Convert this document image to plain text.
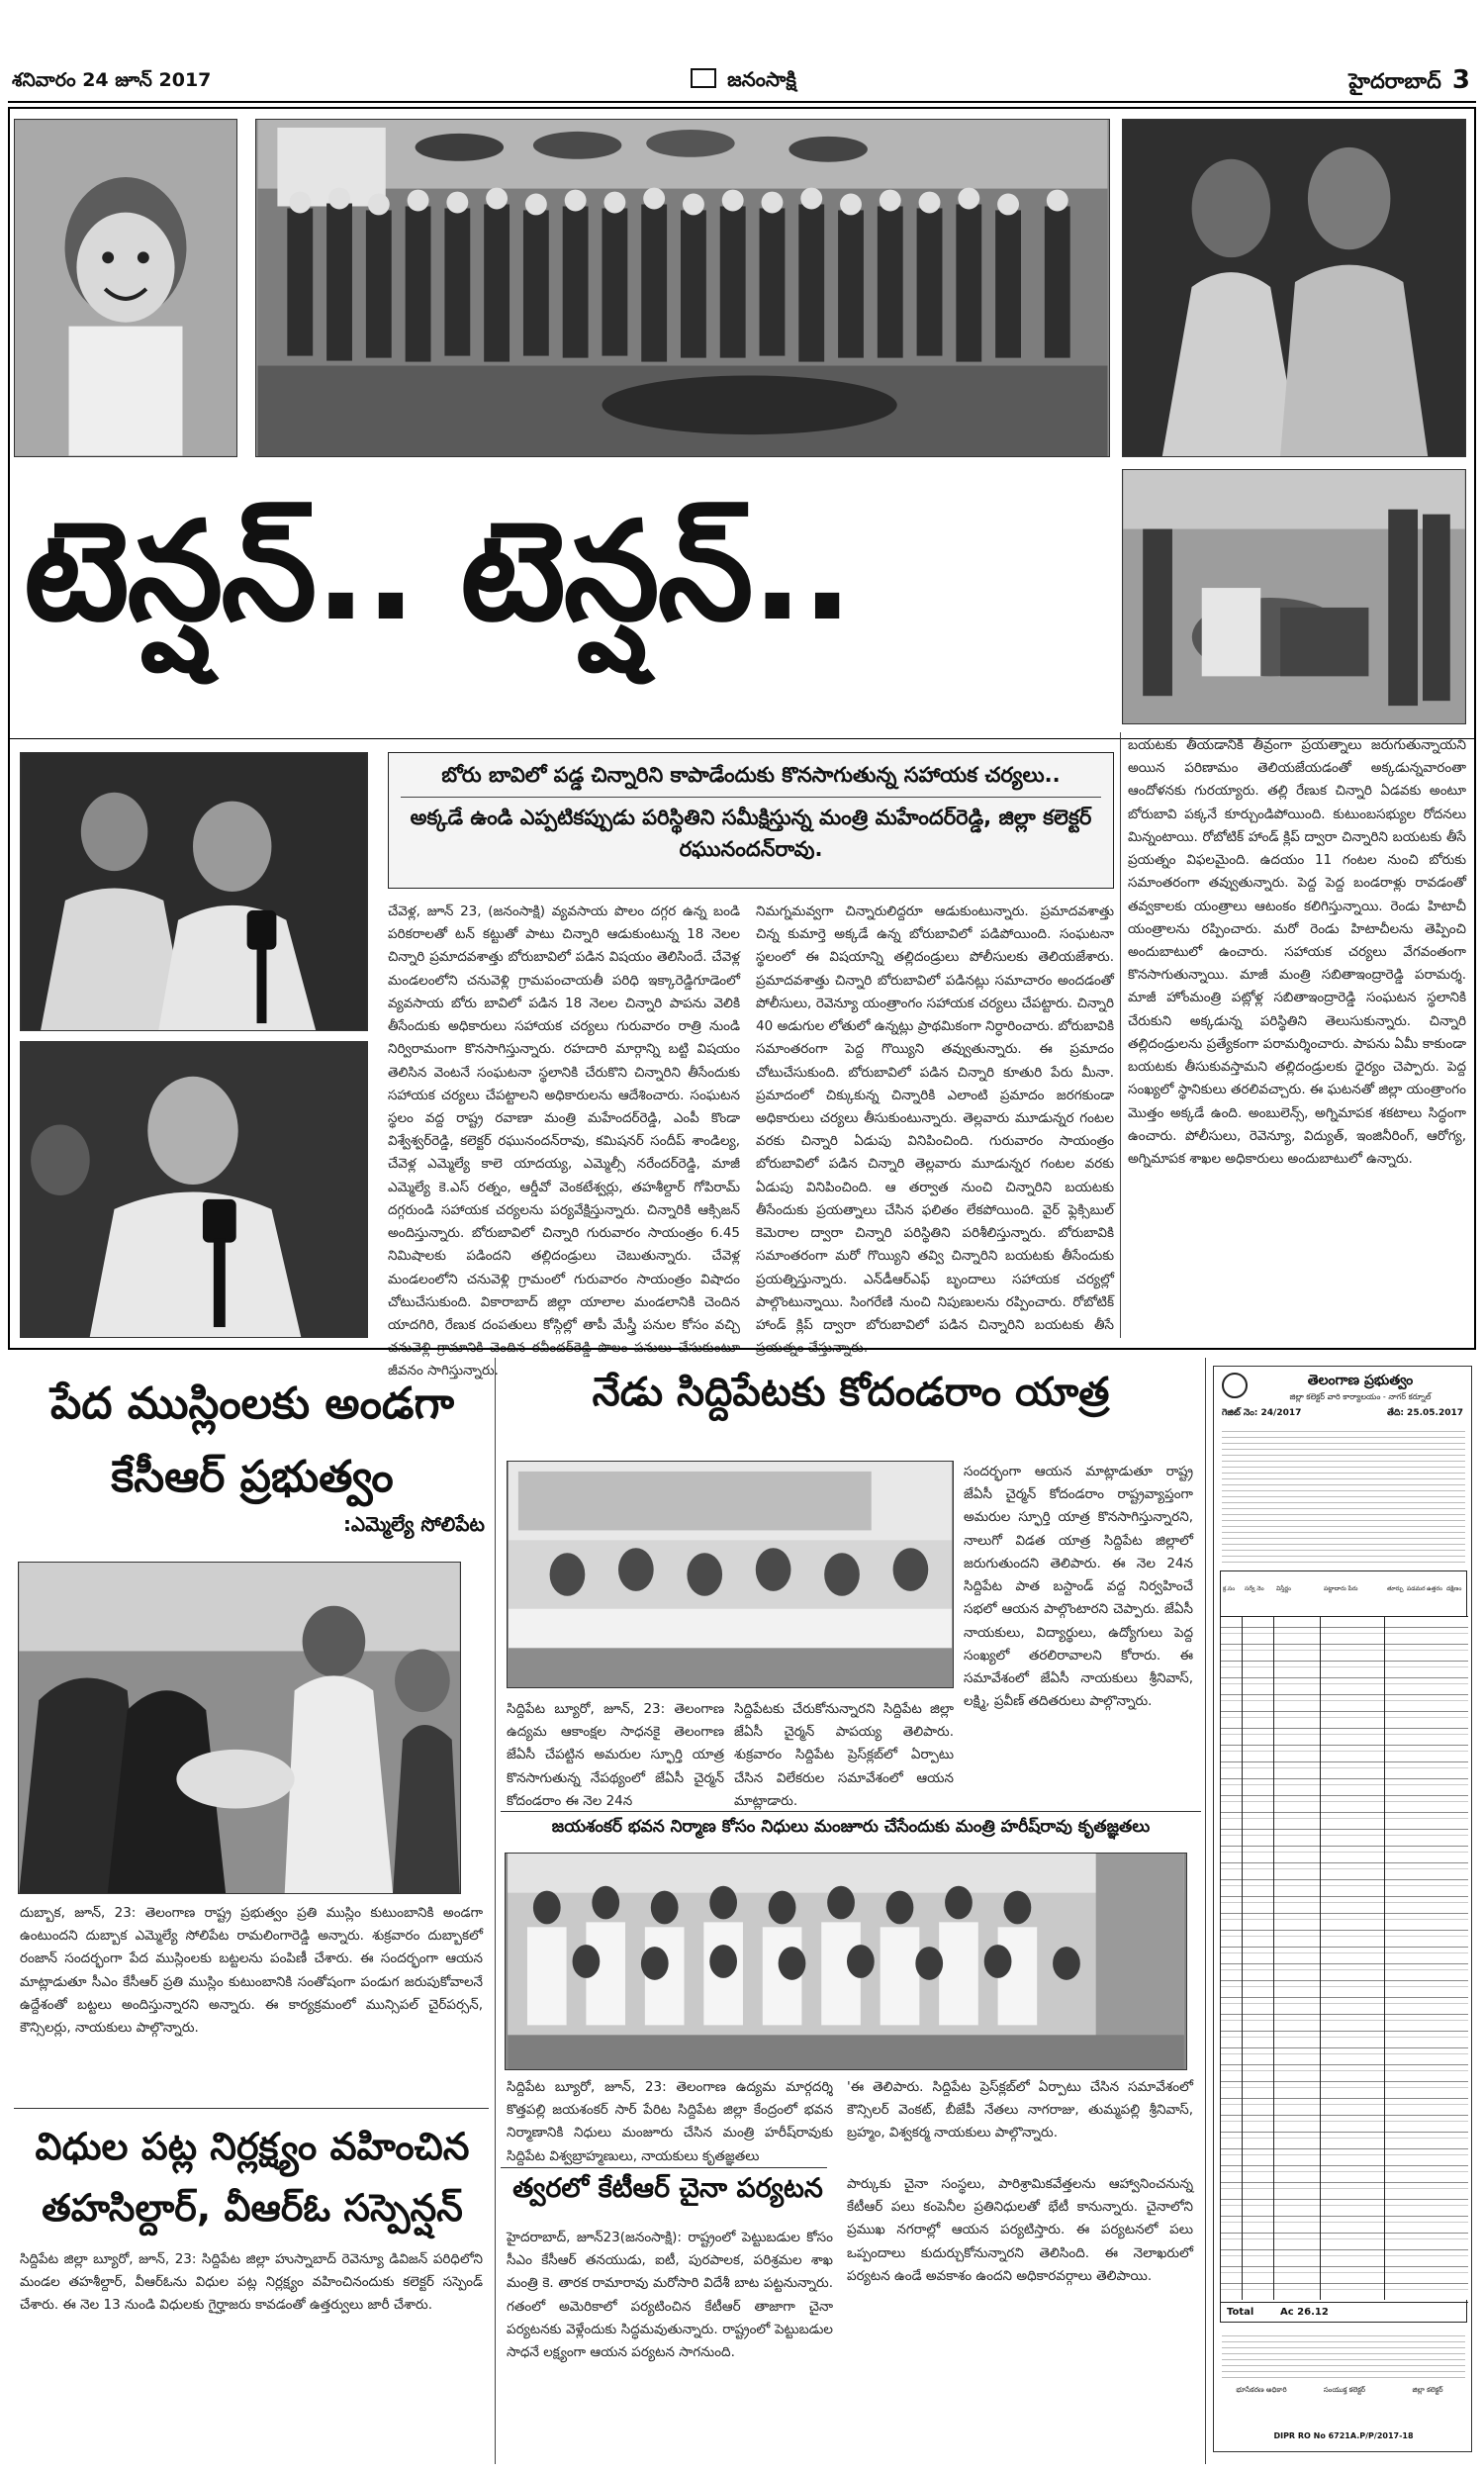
శనివారం 24 జూన్ 2017	జనంసాక్షి	హైదరాబాద్ 3
టెన్షన్.. టెన్షన్..
బోరు బావిలో పడ్డ చిన్నారిని కాపాడేందుకు కొనసాగుతున్న సహాయక చర్యలు..
అక్కడే ఉండి ఎప్పటికప్పుడు పరిస్థితిని సమీక్షిస్తున్న మంత్రి మహేందర్‌రెడ్డి, జిల్లా కలెక్టర్ రఘునందన్‌రావు.
చేవెళ్ల, జూన్ 23, (జనంసాక్షి) వ్యవసాయ పొలం దగ్గర ఉన్న బండి పరికరాలతో టన్ కట్టుతో పాటు చిన్నారి ఆడుకుంటున్న 18 నెలల చిన్నారి ప్రమాదవశాత్తు బోరుబావిలో పడిన విషయం తెలిసిందే. చేవెళ్ల మండలంలోని చనువెళ్లి గ్రామపంచాయతీ పరిధి ఇక్కారెడ్డిగూడెంలో వ్యవసాయ బోరు బావిలో పడిన 18 నెలల చిన్నారి పాపను వెలికి తీసేందుకు అధికారులు సహాయక చర్యలు గురువారం రాత్రి నుండి నిర్విరామంగా కొనసాగిస్తున్నారు. రహదారి మార్గాన్ని బట్టి విషయం తెలిసిన వెంటనే సంఘటనా స్థలానికి చేరుకొని చిన్నారిని తీసేందుకు సహాయక చర్యలు చేపట్టాలని అధికారులను ఆదేశించారు. సంఘటన స్థలం వద్ద రాష్ట్ర రవాణా మంత్రి మహేందర్‌రెడ్డి, ఎంపీ కొండా విశ్వేశ్వర్‌రెడ్డి, కలెక్టర్ రఘునందన్‌రావు, కమిషనర్ సందీప్ శాండిల్య, చేవెళ్ల ఎమ్మెల్యే కాలె యాదయ్య, ఎమ్మెల్సీ నరేందర్‌రెడ్డి, మాజీ ఎమ్మెల్యే కె.ఎస్ రత్నం, ఆర్డీవో వెంకటేశ్వర్లు, తహశీల్దార్ గోపిరామ్ దగ్గరుండి సహాయక చర్యలను పర్యవేక్షిస్తున్నారు. చిన్నారికి ఆక్సిజన్ అందిస్తున్నారు. బోరుబావిలో చిన్నారి గురువారం సాయంత్రం 6.45 నిమిషాలకు పడిందని తల్లిదండ్రులు చెబుతున్నారు. చేవెళ్ల మండలంలోని చనువెళ్లి గ్రామంలో గురువారం సాయంత్రం విషాదం చోటుచేసుకుంది. వికారాబాద్ జిల్లా యాలాల మండలానికి చెందిన యాదగిరి, రేణుక దంపతులు కోస్గిల్లో తాపీ మేస్త్రీ పనుల కోసం వచ్చి చనువెళ్లి గ్రామానికి చెందిన రవీందర్‌రెడ్డి పొలం పనులు చేసుకుంటూ జీవనం సాగిస్తున్నారు.
నిమగ్నమవ్వగా చిన్నారులిద్దరూ ఆడుకుంటున్నారు. ప్రమాదవశాత్తు చిన్న కుమార్తె అక్కడే ఉన్న బోరుబావిలో పడిపోయింది. సంఘటనా స్థలంలో ఈ విషయాన్ని తల్లిదండ్రులు పోలీసులకు తెలియజేశారు. ప్రమాదవశాత్తు చిన్నారి బోరుబావిలో పడినట్లు సమాచారం అందడంతో పోలీసులు, రెవెన్యూ యంత్రాంగం సహాయక చర్యలు చేపట్టారు. చిన్నారి 40 అడుగుల లోతులో ఉన్నట్లు ప్రాథమికంగా నిర్ధారించారు. బోరుబావికి సమాంతరంగా పెద్ద గొయ్యిని తవ్వుతున్నారు. ఈ ప్రమాదం చోటుచేసుకుంది. బోరుబావిలో పడిన చిన్నారి కూతురి పేరు మీనా. ప్రమాదంలో చిక్కుకున్న చిన్నారికి ఎలాంటి ప్రమాదం జరగకుండా అధికారులు చర్యలు తీసుకుంటున్నారు. తెల్లవారు మూడున్నర గంటల వరకు చిన్నారి ఏడుపు వినిపించింది. గురువారం సాయంత్రం బోరుబావిలో పడిన చిన్నారి తెల్లవారు మూడున్నర గంటల వరకు ఏడుపు వినిపించింది. ఆ తర్వాత నుంచి చిన్నారిని బయటకు తీసేందుకు ప్రయత్నాలు చేసిన ఫలితం లేకపోయింది. వైర్ ఫ్లెక్సిబుల్ కెమెరాల ద్వారా చిన్నారి పరిస్థితిని పరిశీలిస్తున్నారు. బోరుబావికి సమాంతరంగా మరో గొయ్యిని తవ్వి చిన్నారిని బయటకు తీసేందుకు ప్రయత్నిస్తున్నారు. ఎన్‌డీఆర్‌ఎఫ్ బృందాలు సహాయక చర్యల్లో పాల్గొంటున్నాయి. సింగరేణి నుంచి నిపుణులను రప్పించారు. రోబోటిక్ హాండ్ క్లిప్ ద్వారా బోరుబావిలో పడిన చిన్నారిని బయటకు తీసే ప్రయత్నం చేస్తున్నారు.
బయటకు తీయడానికి తీవ్రంగా ప్రయత్నాలు జరుగుతున్నాయని అయిన పరిణామం తెలియజేయడంతో అక్కడున్నవారంతా ఆందోళనకు గురయ్యారు. తల్లి రేణుక చిన్నారి ఏడవకు అంటూ బోరుబావి పక్కనే కూర్చుండిపోయింది. కుటుంబసభ్యుల రోదనలు మిన్నంటాయి. రోబోటిక్ హాండ్ క్లిప్ ద్వారా చిన్నారిని బయటకు తీసే ప్రయత్నం విఫలమైంది. ఉదయం 11 గంటల నుంచి బోరుకు సమాంతరంగా తవ్వుతున్నారు. పెద్ద పెద్ద బండరాళ్లు రావడంతో తవ్వకాలకు యంత్రాలు ఆటంకం కలిగిస్తున్నాయి. రెండు హిటాచీ యంత్రాలను రప్పించారు. మరో రెండు హిటాచీలను తెప్పించి అందుబాటులో ఉంచారు. సహాయక చర్యలు వేగవంతంగా కొనసాగుతున్నాయి. మాజీ మంత్రి సబితాఇంద్రారెడ్డి పరామర్శ. మాజీ హోంమంత్రి పట్లోళ్ల సబితాఇంద్రారెడ్డి సంఘటన స్థలానికి చేరుకుని అక్కడున్న పరిస్థితిని తెలుసుకున్నారు. చిన్నారి తల్లిదండ్రులను ప్రత్యేకంగా పరామర్శించారు. పాపను ఏమీ కాకుండా బయటకు తీసుకువస్తామని తల్లిదండ్రులకు ధైర్యం చెప్పారు. పెద్ద సంఖ్యలో స్థానికులు తరలివచ్చారు. ఈ ఘటనతో జిల్లా యంత్రాంగం మొత్తం అక్కడే ఉంది. అంబులెన్స్, అగ్నిమాపక శకటాలు సిద్ధంగా ఉంచారు. పోలీసులు, రెవెన్యూ, విద్యుత్, ఇంజినీరింగ్, ఆరోగ్య, అగ్నిమాపక శాఖల అధికారులు అందుబాటులో ఉన్నారు.
పేద ముస్లింలకు అండగా కేసీఆర్ ప్రభుత్వం
:ఎమ్మెల్యే సోలిపేట
దుబ్బాక, జూన్, 23: తెలంగాణ రాష్ట్ర ప్రభుత్వం ప్రతి ముస్లిం కుటుంబానికి అండగా ఉంటుందని దుబ్బాక ఎమ్మెల్యే సోలిపేట రామలింగారెడ్డి అన్నారు. శుక్రవారం దుబ్బాకలో రంజాన్ సందర్భంగా పేద ముస్లింలకు బట్టలను పంపిణీ చేశారు. ఈ సందర్భంగా ఆయన మాట్లాడుతూ సీఎం కేసీఆర్ ప్రతి ముస్లిం కుటుంబానికి సంతోషంగా పండుగ జరుపుకోవాలనే ఉద్దేశంతో బట్టలు అందిస్తున్నారని అన్నారు. ఈ కార్యక్రమంలో మున్సిపల్ చైర్‌పర్సన్, కౌన్సిలర్లు, నాయకులు పాల్గొన్నారు.
విధుల పట్ల నిర్లక్ష్యం వహించిన తహసిల్దార్, వీఆర్ఓ సస్పెన్షన్
సిద్దిపేట జిల్లా బ్యూరో, జూన్, 23: సిద్దిపేట జిల్లా హుస్నాబాద్ రెవెన్యూ డివిజన్ పరిధిలోని మండల తహశీల్దార్, వీఆర్ఓను విధుల పట్ల నిర్లక్ష్యం వహించినందుకు కలెక్టర్ సస్పెండ్ చేశారు. ఈ నెల 13 నుండి విధులకు గైర్హాజరు కావడంతో ఉత్తర్వులు జారీ చేశారు.
నేడు సిద్దిపేటకు కోదండరాం యాత్ర
సిద్దిపేట బ్యూరో, జూన్, 23: తెలంగాణ ఉద్యమ ఆకాంక్షల సాధనకై తెలంగాణ జేఏసీ చేపట్టిన అమరుల స్ఫూర్తి యాత్ర కొనసాగుతున్న నేపథ్యంలో జేఏసీ చైర్మన్ కోదండరాం ఈ నెల 24న
సిద్దిపేటకు చేరుకోనున్నారని సిద్దిపేట జిల్లా జేఏసీ చైర్మన్ పాపయ్య తెలిపారు. శుక్రవారం సిద్దిపేట ప్రెస్‌క్లబ్‌లో ఏర్పాటు చేసిన విలేకరుల సమావేశంలో ఆయన మాట్లాడారు.
సందర్భంగా ఆయన మాట్లాడుతూ రాష్ట్ర జేఏసీ చైర్మన్ కోదండరాం రాష్ట్రవ్యాప్తంగా అమరుల స్ఫూర్తి యాత్ర కొనసాగిస్తున్నారని, నాలుగో విడత యాత్ర సిద్దిపేట జిల్లాలో జరుగుతుందని తెలిపారు. ఈ నెల 24న సిద్దిపేట పాత బస్టాండ్ వద్ద నిర్వహించే సభలో ఆయన పాల్గొంటారని చెప్పారు. జేఏసీ నాయకులు, విద్యార్థులు, ఉద్యోగులు పెద్ద సంఖ్యలో తరలిరావాలని కోరారు. ఈ సమావేశంలో జేఏసీ నాయకులు శ్రీనివాస్, లక్ష్మి, ప్రవీణ్ తదితరులు పాల్గొన్నారు.
జయశంకర్ భవన నిర్మాణ కోసం నిధులు మంజూరు చేసేందుకు మంత్రి హరీష్‌రావు కృతజ్ఞతలు
సిద్దిపేట బ్యూరో, జూన్, 23: తెలంగాణ ఉద్యమ మార్గదర్శి కొత్తపల్లి జయశంకర్ సార్ పేరిట సిద్దిపేట జిల్లా కేంద్రంలో భవన నిర్మాణానికి నిధులు మంజూరు చేసిన మంత్రి హరీష్‌రావుకు సిద్దిపేట విశ్వబ్రాహ్మణులు, నాయకులు కృతజ్ఞతలు
'ఈ తెలిపారు. సిద్దిపేట ప్రెస్‌క్లబ్‌లో ఏర్పాటు చేసిన సమావేశంలో కౌన్సిలర్ వెంకట్, బీజేపీ నేతలు నాగరాజు, తుమ్మపల్లి శ్రీనివాస్, బ్రహ్మం, విశ్వకర్మ నాయకులు పాల్గొన్నారు.
త్వరలో కేటీఆర్ చైనా పర్యటన
హైదరాబాద్, జూన్23(జనంసాక్షి): రాష్ట్రంలో పెట్టుబడుల కోసం సీఎం కేసీఆర్ తనయుడు, ఐటీ, పురపాలక, పరిశ్రమల శాఖ మంత్రి కె. తారక రామారావు మరోసారి విదేశీ బాట పట్టనున్నారు. గతంలో అమెరికాలో పర్యటించిన కేటీఆర్ తాజాగా చైనా పర్యటనకు వెళ్లేందుకు సిద్ధమవుతున్నారు. రాష్ట్రంలో పెట్టుబడుల సాధనే లక్ష్యంగా ఆయన పర్యటన సాగనుంది.
పార్కుకు చైనా సంస్థలు, పారిశ్రామికవేత్తలను ఆహ్వానించనున్న కేటీఆర్ పలు కంపెనీల ప్రతినిధులతో భేటీ కానున్నారు. చైనాలోని ప్రముఖ నగరాల్లో ఆయన పర్యటిస్తారు. ఈ పర్యటనలో పలు ఒప్పందాలు కుదుర్చుకోనున్నారని తెలిసింది. ఈ నెలాఖరులో పర్యటన ఉండే అవకాశం ఉందని అధికారవర్గాలు తెలిపాయి.
తెలంగాణ ప్రభుత్వం
జిల్లా కలెక్టర్ వారి కార్యాలయం - నాగర్ కర్నూల్
గెజిట్ నెం: 24/2017	తేది: 25.05.2017
క్ర.సం సర్వే నెం విస్తీర్ణం	పట్టాదారు పేరు	తూర్పు పడమర ఉత్తరం దక్షిణం
Total	Ac 26.12
భూసేకరణ అధికారి	సంయుక్త కలెక్టర్	జిల్లా కలెక్టర్
DIPR RO No 6721A.P/P/2017-18
